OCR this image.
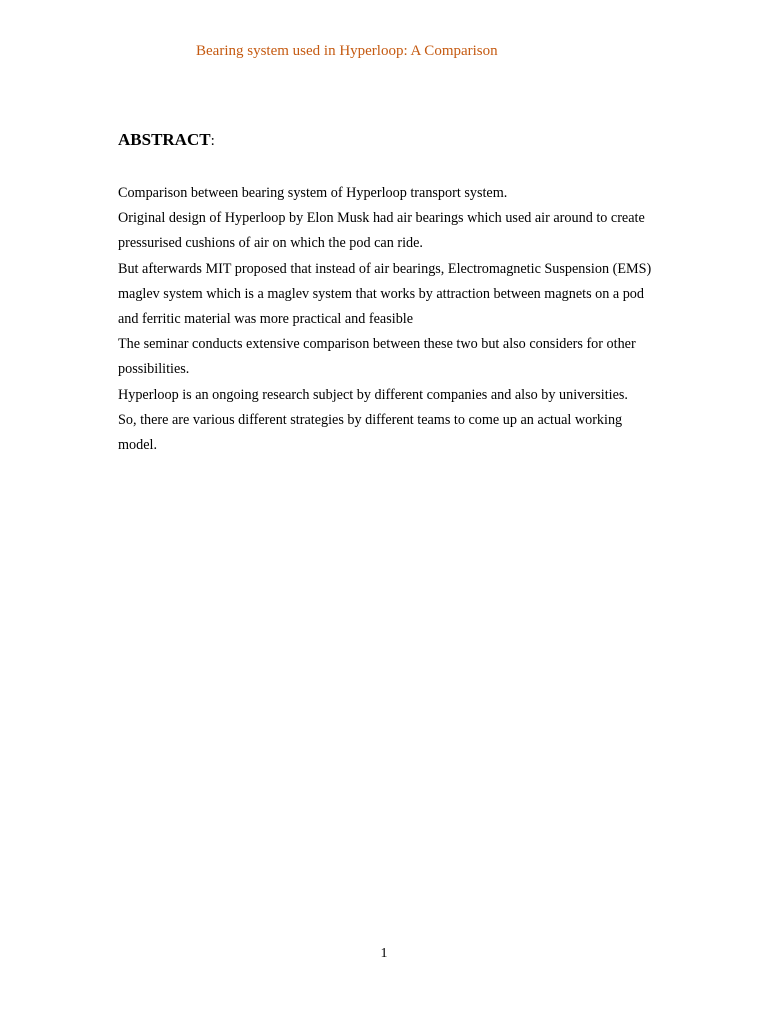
Bearing system used in Hyperloop: A Comparison
ABSTRACT:
Comparison between bearing system of Hyperloop transport system.
Original design of Hyperloop by Elon Musk had air bearings which used air around to create
pressurised cushions of air on which the pod can ride.
But afterwards MIT proposed that instead of air bearings, Electromagnetic Suspension (EMS)
maglev system which is a maglev system that works by attraction between magnets on a pod
and ferritic material was more practical and feasible
The seminar conducts extensive comparison between these two but also considers for other
possibilities.
Hyperloop is an ongoing research subject by different companies and also by universities.
So, there are various different strategies by different teams to come up an actual working
model.
1
